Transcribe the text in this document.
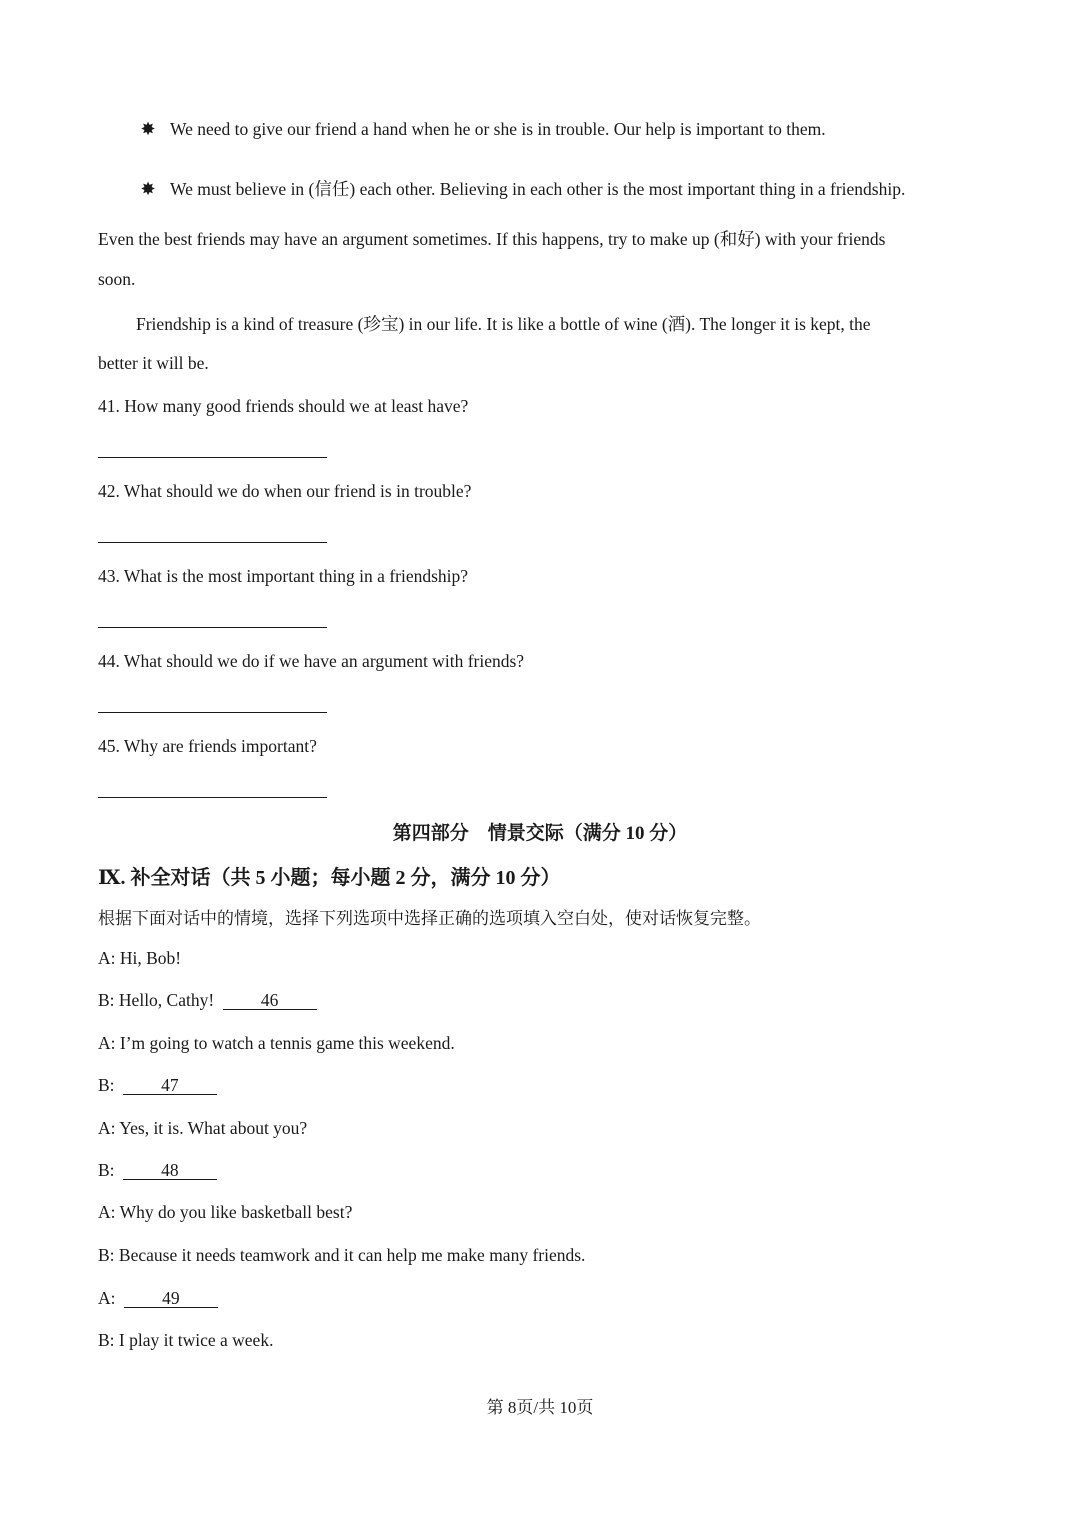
✸ We need to give our friend a hand when he or she is in trouble. Our help is important to them.
✸ We must believe in (信任) each other. Believing in each other is the most important thing in a friendship.
Even the best friends may have an argument sometimes. If this happens, try to make up (和好) with your friends
soon.
Friendship is a kind of treasure (珍宝) in our life. It is like a bottle of wine (酒). The longer it is kept, the
better it will be.
41. How many good friends should we at least have?
42. What should we do when our friend is in trouble?
43. What is the most important thing in a friendship?
44. What should we do if we have an argument with friends?
45. Why are friends important?
第四部分　情景交际（满分 10 分）
Ⅸ. 补全对话（共 5 小题；每小题 2 分，满分 10 分）
根据下面对话中的情境，选择下列选项中选择正确的选项填入空白处，使对话恢复完整。
A: Hi, Bob!
B: Hello, Cathy!	46
A: I’m going to watch a tennis game this weekend.
B:	47
A: Yes, it is. What about you?
B:	48
A: Why do you like basketball best?
B: Because it needs teamwork and it can help me make many friends.
A:	49
B: I play it twice a week.
第 8页/共 10页
